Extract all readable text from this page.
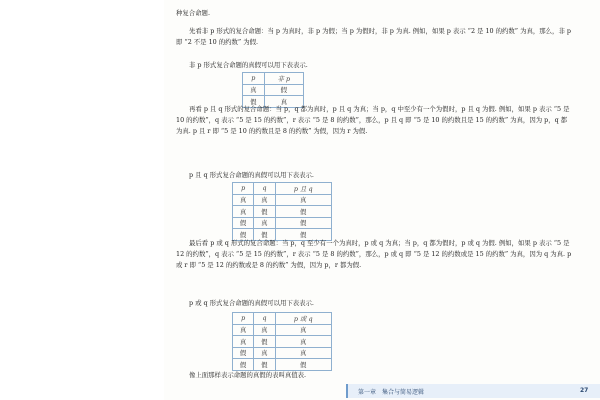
种复合命题.

先看非 p 形式的复合命题：当 p 为真时，非 p 为假；当 p 为假时，非 p 为真. 例如，如果 p 表示 “2 是 10 的约数” 为真，那么，非 p 即 “2 不是 10 的约数” 为假.

非 p 形式复合命题的真假可以用下表表示.

p	非 p
真	假
假	真

再看 p 且 q 形式的复合命题：当 p，q 都为真时，p 且 q 为真；当 p，q 中至少有一个为假时，p 且 q 为假. 例如，如果 p 表示 “5 是 10 的约数”，q 表示 “5 是 15 的约数”，r 表示 “5 是 8 的约数”，那么，p 且 q 即 “5 是 10 的约数且是 15 的约数” 为真，因为 p，q 都为真. p 且 r 即 “5 是 10 的约数且是 8 的约数” 为假，因为 r 为假.

p 且 q 形式复合命题的真假可以用下表表示.

p	q	p 且 q
真	真	真
真	假	假
假	真	假
假	假	假

最后看 p 或 q 形式的复合命题：当 p，q 至少有一个为真时，p 或 q 为真；当 p，q 都为假时，p 或 q 为假. 例如，如果 p 表示 “5 是 12 的约数”，q 表示 “5 是 15 的约数”，r 表示 “5 是 8 的约数”，那么，p 或 q 即 “5 是 12 的约数或是 15 的约数” 为真，因为 q 为真. p 或 r 即 “5 是 12 的约数或是 8 的约数” 为假，因为 p，r 都为假.

p 或 q 形式复合命题的真假可以用下表表示.

p	q	p 或 q
真	真	真
真	假	真
假	真	真
假	假	假

像上面那样表示命题的真假的表叫真值表.

第一章　集合与简易逻辑	27
